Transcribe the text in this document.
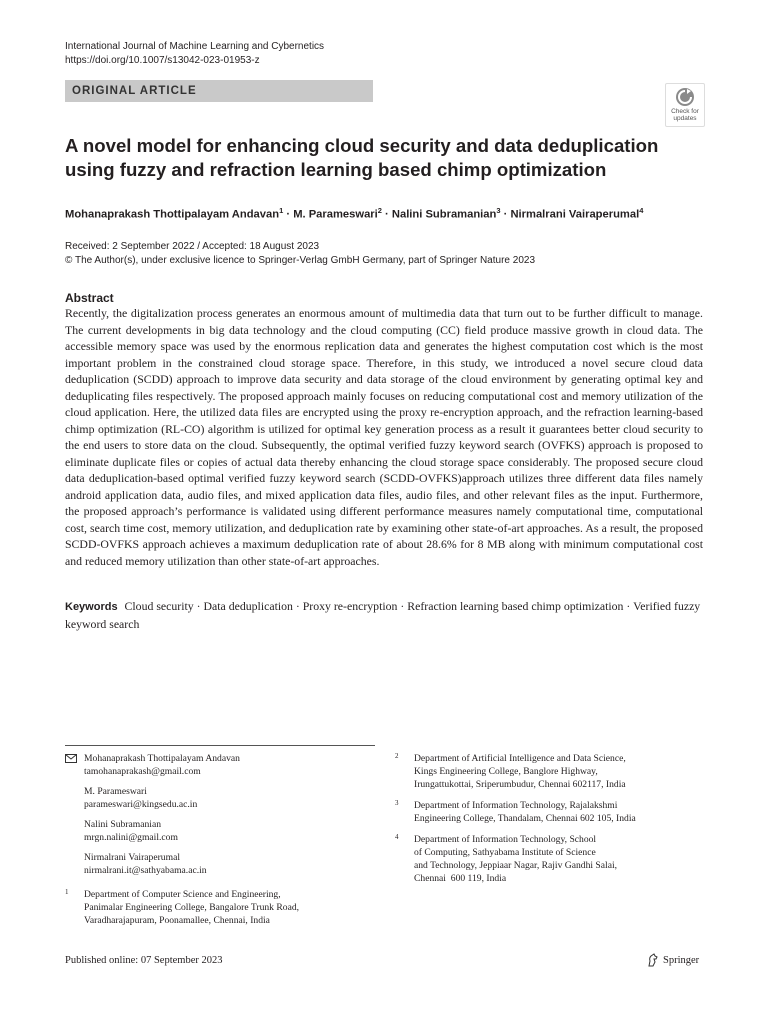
International Journal of Machine Learning and Cybernetics
https://doi.org/10.1007/s13042-023-01953-z
ORIGINAL ARTICLE
Check for
updates
A novel model for enhancing cloud security and data deduplication using fuzzy and refraction learning based chimp optimization
Mohanaprakash Thottipalayam Andavan$^1$ · M. Parameswari$^2$ · Nalini Subramanian$^3$ · Nirmalrani Vairaperumal$^4$
Received: 2 September 2022 / Accepted: 18 August 2023
© The Author(s), under exclusive licence to Springer-Verlag GmbH Germany, part of Springer Nature 2023
Abstract

Recently, the digitalization process generates an enormous amount of multimedia data that turn out to be further difficult to manage. The current developments in big data technology and the cloud computing (CC) field produce massive growth in cloud data. The accessible memory space was used by the enormous replication data and generates the highest computation cost which is the most important problem in the constrained cloud storage space. Therefore, in this study, we introduced a novel secure cloud data deduplication (SCDD) approach to improve data security and data storage of the cloud environment by generating optimal key and deduplicating files respectively. The proposed approach mainly focuses on reducing computational cost and memory utilization of the cloud application. Here, the utilized data files are encrypted using the proxy re-encryption approach, and the refraction learning-based chimp optimization (RL-CO) algorithm is utilized for optimal key generation process as a result it guarantees better cloud security to the end users to store data on the cloud. Subsequently, the optimal verified fuzzy keyword search (OVFKS) approach is proposed to eliminate duplicate files or copies of actual data thereby enhancing the cloud storage space considerably. The proposed secure cloud data deduplication-based optimal verified fuzzy keyword search (SCDD-OVFKS)approach utilizes three different data files namely android application data, audio files, and mixed application data files, audio files, and other relevant files as the input. Furthermore, the proposed approach’s performance is validated using different performance measures namely computational time, computational cost, search time cost, memory utilization, and deduplication rate by examining other state-of-art approaches. As a result, the proposed SCDD-OVFKS approach achieves a maximum deduplication rate of about 28.6% for 8 MB along with minimum computational cost and reduced memory utilization than other state-of-art approaches.

Keywords Cloud security · Data deduplication · Proxy re-encryption · Refraction learning based chimp optimization · Verified fuzzy keyword search
Mohanaprakash Thottipalayam Andavan
tamohanaprakash@gmail.com
M. Parameswari
parameswari@kingsedu.ac.in
Nalini Subramanian
mrgn.nalini@gmail.com
Nirmalrani Vairaperumal
nirmalrani.it@sathyabama.ac.in
1 Department of Computer Science and Engineering,
Panimalar Engineering College, Bangalore Trunk Road,
Varadharajapuram, Poonamallee, Chennai, India
2 Department of Artificial Intelligence and Data Science,
Kings Engineering College, Banglore Highway,
Irungattukottai, Sriperumbudur, Chennai 602117, India
3 Department of Information Technology, Rajalakshmi
Engineering College, Thandalam, Chennai 602 105, India
4 Department of Information Technology, School
of Computing, Sathyabama Institute of Science
and Technology, Jeppiaar Nagar, Rajiv Gandhi Salai,
Chennai  600 119, India
Published online: 07 September 2023	Springer
